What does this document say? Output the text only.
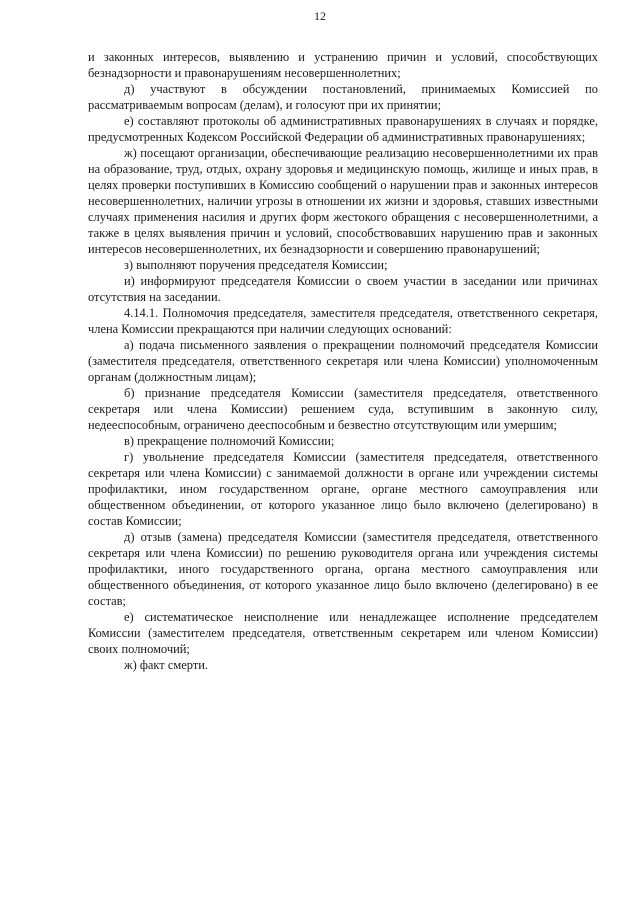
12

и законных интересов, выявлению и устранению причин и условий, способствующих безнадзорности и правонарушениям несовершеннолетних;

д) участвуют в обсуждении постановлений, принимаемых Комиссией по рассматриваемым вопросам (делам), и голосуют при их принятии;

е) составляют протоколы об административных правонарушениях в случаях и порядке, предусмотренных Кодексом Российской Федерации об административных правонарушениях;

ж) посещают организации, обеспечивающие реализацию несовершеннолетними их прав на образование, труд, отдых, охрану здоровья и медицинскую помощь, жилище и иных прав, в целях проверки поступивших в Комиссию сообщений о нарушении прав и законных интересов несовершеннолетних, наличии угрозы в отношении их жизни и здоровья, ставших известными случаях применения насилия и других форм жестокого обращения с несовершеннолетними, а также в целях выявления причин и условий, способствовавших нарушению прав и законных интересов несовершеннолетних, их безнадзорности и совершению правонарушений;

з) выполняют поручения председателя Комиссии;

и) информируют председателя Комиссии о своем участии в заседании или причинах отсутствия на заседании.

4.14.1. Полномочия председателя, заместителя председателя, ответственного секретаря, члена Комиссии прекращаются при наличии следующих оснований:

а) подача письменного заявления о прекращении полномочий председателя Комиссии (заместителя председателя, ответственного секретаря или члена Комиссии) уполномоченным органам (должностным лицам);

б) признание председателя Комиссии (заместителя председателя, ответственного секретаря или члена Комиссии) решением суда, вступившим в законную силу, недееспособным, ограничено дееспособным и безвестно отсутствующим или умершим;

в) прекращение полномочий Комиссии;

г) увольнение председателя Комиссии (заместителя председателя, ответственного секретаря или члена Комиссии) с занимаемой должности в органе или учреждении системы профилактики, ином государственном органе, органе местного самоуправления или общественном объединении, от которого указанное лицо было включено (делегировано) в состав Комиссии;

д) отзыв (замена) председателя Комиссии (заместителя председателя, ответственного секретаря или члена Комиссии) по решению руководителя органа или учреждения системы профилактики, иного государственного органа, органа местного самоуправления или общественного объединения, от которого указанное лицо было включено (делегировано) в ее состав;

е) систематическое неисполнение или ненадлежащее исполнение председателем Комиссии (заместителем председателя, ответственным секретарем или членом Комиссии) своих полномочий;

ж) факт смерти.
